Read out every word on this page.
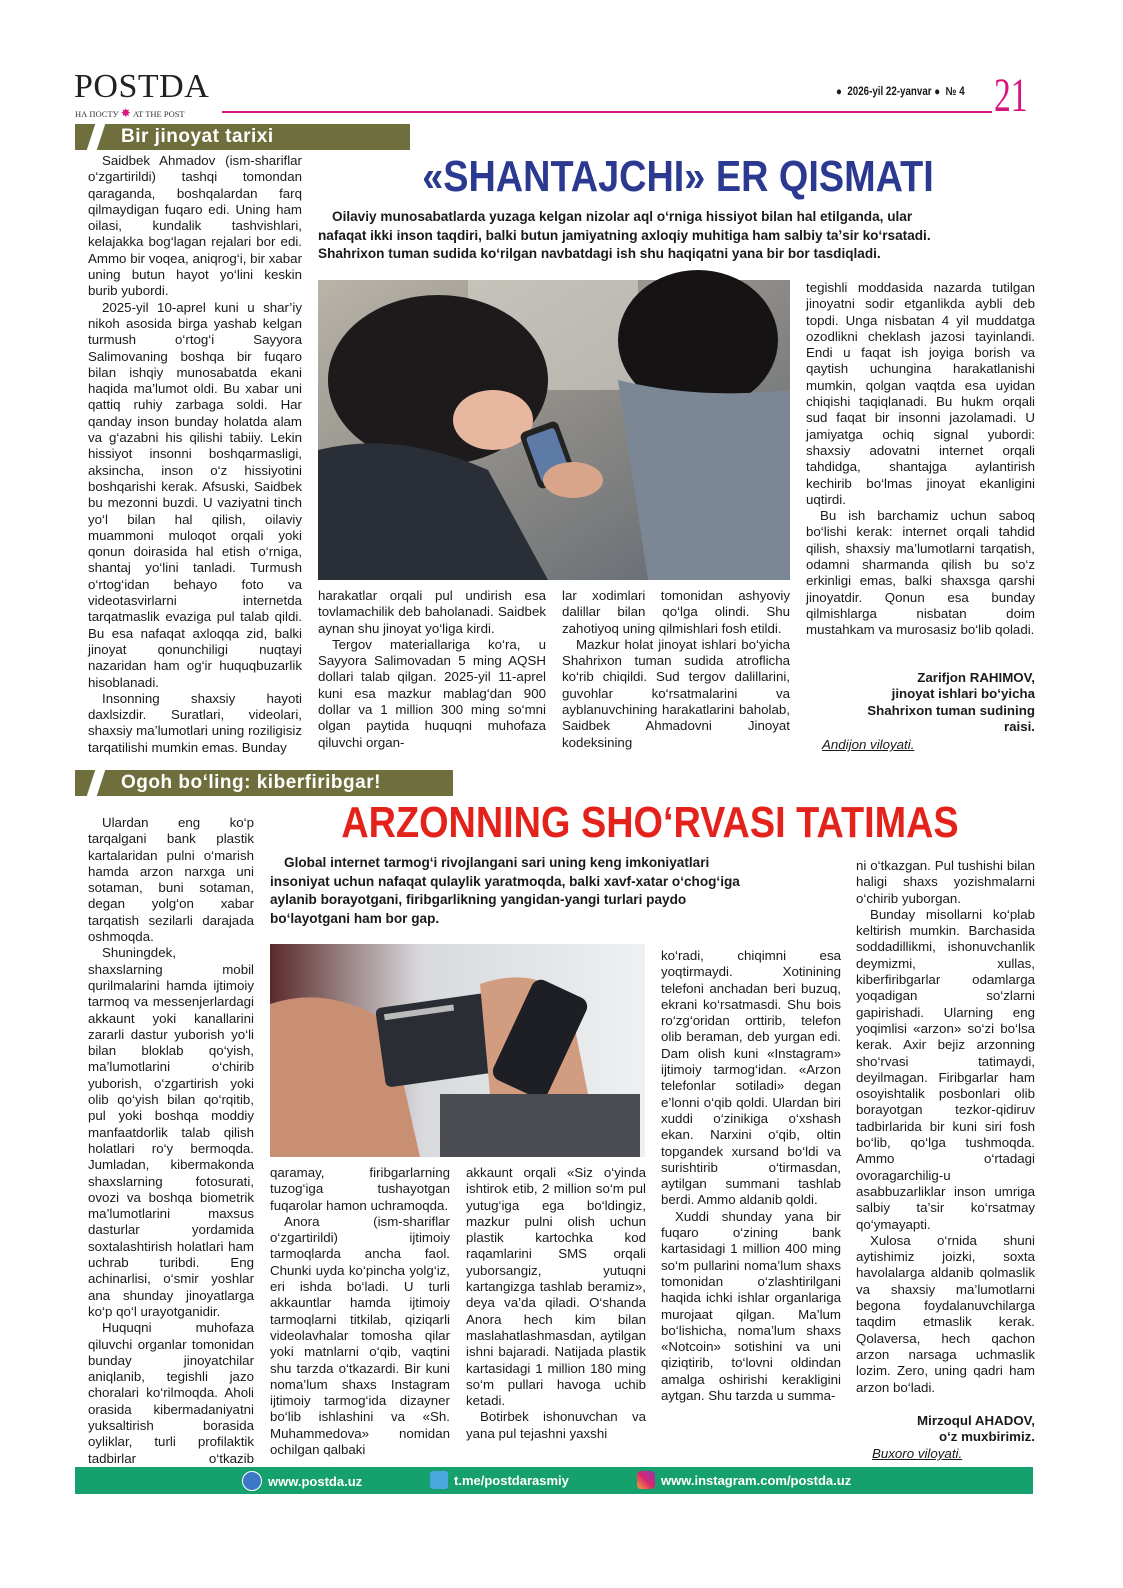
POSTDA
НА ПОСТУ ✸ AT THE POST
● 2026-yil 22-yanvar ● № 4 21
Bir jinoyat tarixi
«SHANTAJCHI» ER QISMATI

Oilaviy munosabatlarda yuzaga kelgan nizolar aql oʻrniga hissiyot bilan hal etilganda, ular

nafaqat ikki inson taqdiri, balki butun jamiyatning axloqiy muhitiga ham salbiy taʼsir koʻrsatadi.

Shahrixon tuman sudida koʻrilgan navbatdagi ish shu haqiqatni yana bir bor tasdiqladi.

Saidbek Ahmadov (ism-shariflar o‘zgartirildi) tashqi tomondan qaraganda, boshqalardan farq qilmaydigan fuqaro edi. Uning ham oilasi, kundalik tashvishlari, kelajakka bog‘lagan rejalari bor edi. Ammo bir voqea, aniqrog‘i, bir xabar uning butun hayot yo‘lini keskin burib yubordi.

2025-yil 10-aprel kuni u shar’iy nikoh asosida birga yashab kelgan turmush o‘rtog‘i Sayyora Salimovaning boshqa bir fuqaro bilan ishqiy munosabatda ekani haqida ma’lumot oldi. Bu xabar uni qattiq ruhiy zarbaga soldi. Har qanday inson bunday holatda alam va g‘azabni his qilishi tabiiy. Lekin hissiyot insonni boshqarmasligi, aksincha, inson o‘z hissiyotini boshqarishi kerak. Afsuski, Saidbek bu mezonni buzdi. U vaziyatni tinch yo‘l bilan hal qilish, oilaviy muammoni muloqot orqali yoki qonun doirasida hal etish o‘rniga, shantaj yo‘lini tanladi. Turmush o‘rtog‘idan behayo foto va videotasvirlarni internetda tarqatmaslik evaziga pul talab qildi. Bu esa nafaqat axloqqa zid, balki jinoyat qonunchiligi nuqtayi nazaridan ham og‘ir huquqbuzarlik hisoblanadi.

Insonning shaxsiy hayoti daxlsizdir. Suratlari, videolari, shaxsiy ma’lumotlari uning roziligisiz tarqatilishi mumkin emas. Bunday

harakatlar orqali pul undirish esa tovlamachilik deb baholanadi. Saidbek aynan shu jinoyat yo‘liga kirdi.

Tergov materiallariga ko‘ra, u Sayyora Salimovadan 5 ming AQSH dollari talab qilgan. 2025-yil 11-aprel kuni esa mazkur mablag‘dan 900 dollar va 1 million 300 ming so‘mni olgan paytida huquqni muhofaza qiluvchi organ-

lar xodimlari tomonidan ashyoviy dalillar bilan qo‘lga olindi. Shu zahotiyoq uning qilmishlari fosh etildi.

Mazkur holat jinoyat ishlari bo‘yicha Shahrixon tuman sudida atroflicha ko‘rib chiqildi. Sud tergov dalillarini, guvohlar ko‘rsatmalarini va ayblanuvchining harakatlarini baholab, Saidbek Ahmadovni Jinoyat kodeksining

tegishli moddasida nazarda tutilgan jinoyatni sodir etganlikda aybli deb topdi. Unga nisbatan 4 yil muddatga ozodlikni cheklash jazosi tayinlandi. Endi u faqat ish joyiga borish va qaytish uchungina harakatlanishi mumkin, qolgan vaqtda esa uyidan chiqishi taqiqlanadi. Bu hukm orqali sud faqat bir insonni jazolamadi. U jamiyatga ochiq signal yubordi: shaxsiy adovatni internet orqali tahdidga, shantajga aylantirish kechirib bo‘lmas jinoyat ekanligini uqtirdi.

Bu ish barchamiz uchun saboq bo‘lishi kerak: internet orqali tahdid qilish, shaxsiy ma’lumotlarni tarqatish, odamni sharmanda qilish bu so‘z erkinligi emas, balki shaxsga qarshi jinoyatdir. Qonun esa bunday qilmishlarga nisbatan doim mustahkam va murosasiz bo‘lib qoladi.

Zarifjon RAHIMOV,
jinoyat ishlari bo‘yicha
Shahrixon tuman sudining
raisi.
Andijon viloyati.
Ogoh boʻling: kiberfiribgar!
ARZONNING SHOʻRVASI TATIMAS

Global internet tarmogʻi rivojlangani sari uning keng imkoniyatlari

insoniyat uchun nafaqat qulaylik yaratmoqda, balki xavf-xatar oʻchogʻiga

aylanib borayotgani, firibgarlikning yangidan-yangi turlari paydo

boʻlayotgani ham bor gap.

Ulardan eng ko‘p tarqalgani bank plastik kartalaridan pulni o‘marish hamda arzon narxga uni sotaman, buni sotaman, degan yolg‘on xabar tarqatish sezilarli darajada oshmoqda.

Shuningdek, shaxslarning mobil qurilmalarini hamda ijtimoiy tarmoq va messenjerlardagi akkaunt yoki kanallarini zararli dastur yuborish yo‘li bilan bloklab qo‘yish, ma’lumotlarini o‘chirib yuborish, o‘zgartirish yoki olib qo‘yish bilan qo‘rqitib, pul yoki boshqa moddiy manfaatdorlik talab qilish holatlari ro‘y bermoqda. Jumladan, kibermakonda shaxslarning fotosurati, ovozi va boshqa biometrik ma’lumotlarini maxsus dasturlar yordamida soxtalashtirish holatlari ham uchrab turibdi. Eng achinarlisi, o‘smir yoshlar ana shunday jinoyatlarga ko‘p qo‘l urayotganidir.

Huquqni muhofaza qiluvchi organlar tomonidan bunday jinoyatchilar aniqlanib, tegishli jazo choralari ko‘rilmoqda. Aholi orasida kibermadaniyatni yuksaltirish borasida oyliklar, turli profilaktik tadbirlar o‘tkazib

qaramay, firibgarlarning tuzog‘iga tushayotgan fuqarolar hamon uchramoqda.

Anora (ism-shariflar o‘zgartirildi) ijtimoiy tarmoqlarda ancha faol. Chunki uyda ko‘pincha yolg‘iz, eri ishda bo‘ladi. U turli akkauntlar hamda ijtimoiy tarmoqlarni titkilab, qiziqarli videolavhalar tomosha qilar yoki matnlarni o‘qib, vaqtini shu tarzda o‘tkazardi. Bir kuni noma’lum shaxs Instagram ijtimoiy tarmog‘ida dizayner bo‘lib ishlashini va «Sh. Muhammedova» nomidan ochilgan qalbaki

akkaunt orqali «Siz o‘yinda ishtirok etib, 2 million so‘m pul yutug‘iga ega bo‘ldingiz, mazkur pulni olish uchun plastik kartochka kod raqamlarini SMS orqali yuborsangiz, yutuqni kartangizga tashlab beramiz», deya va’da qiladi. O‘shanda Anora hech kim bilan maslahatlashmasdan, aytilgan ishni bajaradi. Natijada plastik kartasidagi 1 million 180 ming so‘m pullari havoga uchib ketadi.

Botirbek ishonuvchan va yana pul tejashni yaxshi

ko‘radi, chiqimni esa yoqtirmaydi. Xotinining telefoni anchadan beri buzuq, ekrani ko‘rsatmasdi. Shu bois ro‘zg‘oridan orttirib, telefon olib beraman, deb yurgan edi. Dam olish kuni «Instagram» ijtimoiy tarmog‘idan. «Arzon telefonlar sotiladi» degan e’lonni o‘qib qoldi. Ulardan biri xuddi o‘zinikiga o‘xshash ekan. Narxini o‘qib, oltin topgandek xursand bo‘ldi va surishtirib o‘tirmasdan, aytilgan summani tashlab berdi. Ammo aldanib qoldi.

Xuddi shunday yana bir fuqaro o‘zining bank kartasidagi 1 million 400 ming so‘m pullarini noma’lum shaxs tomonidan o‘zlashtirilgani haqida ichki ishlar organlariga murojaat qilgan. Ma’lum bo‘lishicha, noma’lum shaxs «Notcoin» sotishini va uni qiziqtirib, to‘lovni oldindan amalga oshirishi kerakligini aytgan. Shu tarzda u summa-

ni o‘tkazgan. Pul tushishi bilan haligi shaxs yozishmalarni o‘chirib yuborgan.

Bunday misollarni ko‘plab keltirish mumkin. Barchasida soddadillikmi, ishonuvchanlik deymizmi, xullas, kiberfiribgarlar odamlarga yoqadigan so‘zlarni gapirishadi. Ularning eng yoqimlisi «arzon» so‘zi bo‘lsa kerak. Axir bejiz arzonning sho‘rvasi tatimaydi, deyilmagan. Firibgarlar ham osoyishtalik posbonlari olib borayotgan tezkor-qidiruv tadbirlarida bir kuni siri fosh bo‘lib, qo‘lga tushmoqda. Ammo o‘rtadagi ovoragarchilig-u asabbuzarliklar inson umriga salbiy ta’sir ko‘rsatmay qo‘ymayapti.

Xulosa o‘rnida shuni aytishimiz joizki, soxta havolalarga aldanib qolmaslik va shaxsiy ma’lumotlarni begona foydalanuvchilarga taqdim etmaslik kerak. Qolaversa, hech qachon arzon narsaga uchmaslik lozim. Zero, uning qadri ham arzon bo‘ladi.

Mirzoqul AHADOV,
o‘z muxbirimiz.
Buxoro viloyati.
www.postda.uz	t.me/postdarasmiy	www.instagram.com/postda.uz
